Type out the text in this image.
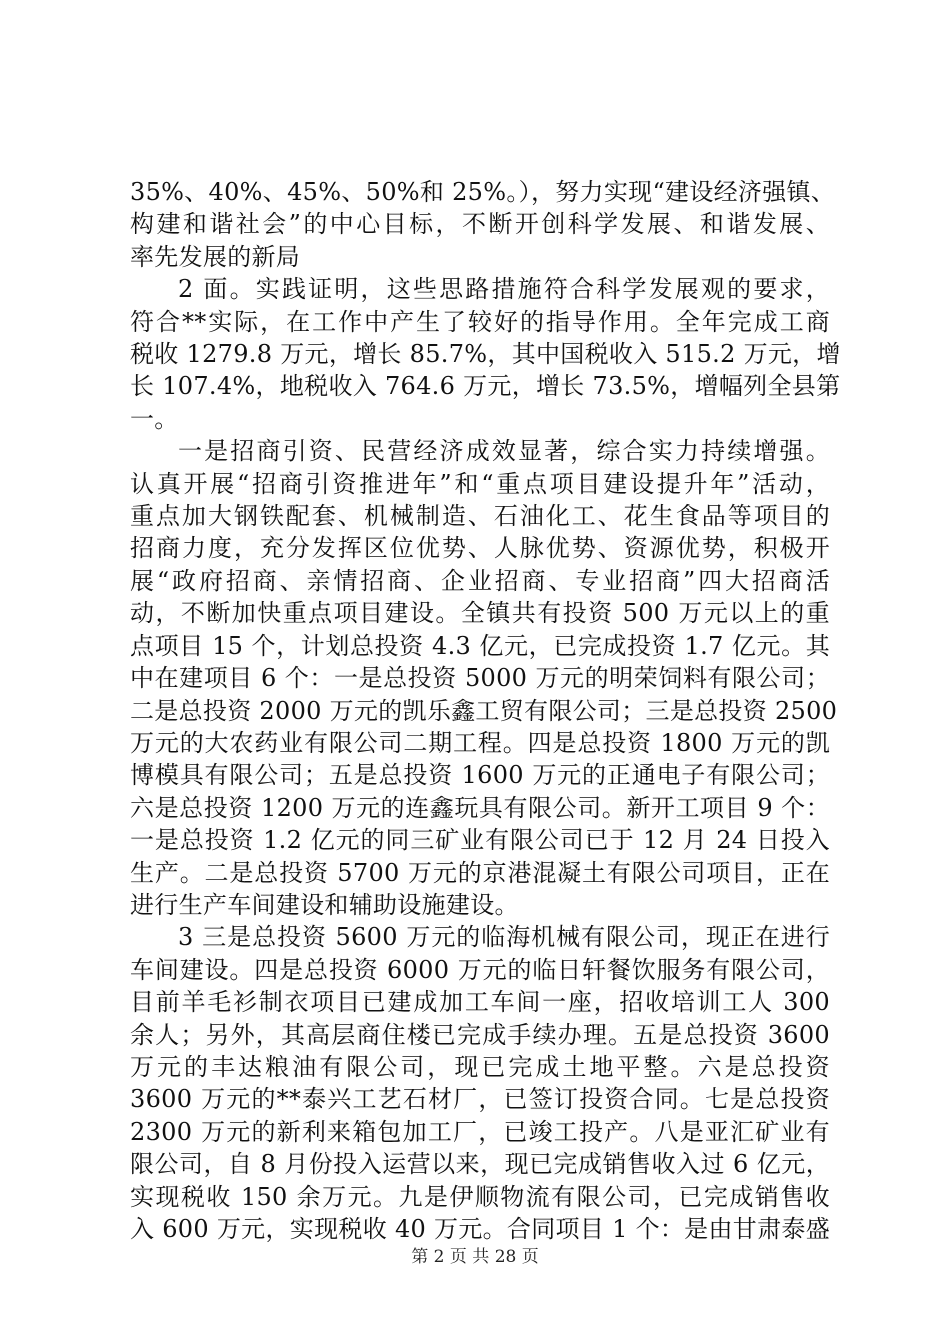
35%、40%、45%、50%和 25%。），努力实现“建设经济强镇、
构建和谐社会”的中心目标，不断开创科学发展、和谐发展、
率先发展的新局

2 面。实践证明，这些思路措施符合科学发展观的要求，
符合**实际，在工作中产生了较好的指导作用。全年完成工商
税收 1279.8 万元，增长 85.7%，其中国税收入 515.2 万元，增
长 107.4%，地税收入 764.6 万元，增长 73.5%，增幅列全县第
一。

一是招商引资、民营经济成效显著，综合实力持续增强。
认真开展“招商引资推进年”和“重点项目建设提升年”活动，
重点加大钢铁配套、机械制造、石油化工、花生食品等项目的
招商力度，充分发挥区位优势、人脉优势、资源优势，积极开
展“政府招商、亲情招商、企业招商、专业招商”四大招商活
动，不断加快重点项目建设。全镇共有投资 500 万元以上的重
点项目 15 个，计划总投资 4.3 亿元，已完成投资 1.7 亿元。其
中在建项目 6 个：一是总投资 5000 万元的明荣饲料有限公司；
二是总投资 2000 万元的凯乐鑫工贸有限公司；三是总投资 2500
万元的大农药业有限公司二期工程。四是总投资 1800 万元的凯
博模具有限公司；五是总投资 1600 万元的正通电子有限公司；
六是总投资 1200 万元的连鑫玩具有限公司。新开工项目 9 个：
一是总投资 1.2 亿元的同三矿业有限公司已于 12 月 24 日投入
生产。二是总投资 5700 万元的京港混凝土有限公司项目，正在
进行生产车间建设和辅助设施建设。

3 三是总投资 5600 万元的临海机械有限公司，现正在进行
车间建设。四是总投资 6000 万元的临日轩餐饮服务有限公司，
目前羊毛衫制衣项目已建成加工车间一座，招收培训工人 300
余人；另外，其高层商住楼已完成手续办理。五是总投资 3600
万元的丰达粮油有限公司，现已完成土地平整。六是总投资
3600 万元的**泰兴工艺石材厂，已签订投资合同。七是总投资
2300 万元的新利来箱包加工厂，已竣工投产。八是亚汇矿业有
限公司，自 8 月份投入运营以来，现已完成销售收入过 6 亿元，
实现税收 150 余万元。九是伊顺物流有限公司，已完成销售收
入 600 万元，实现税收 40 万元。合同项目 1 个：是由甘肃泰盛

第 2 页 共 28 页
